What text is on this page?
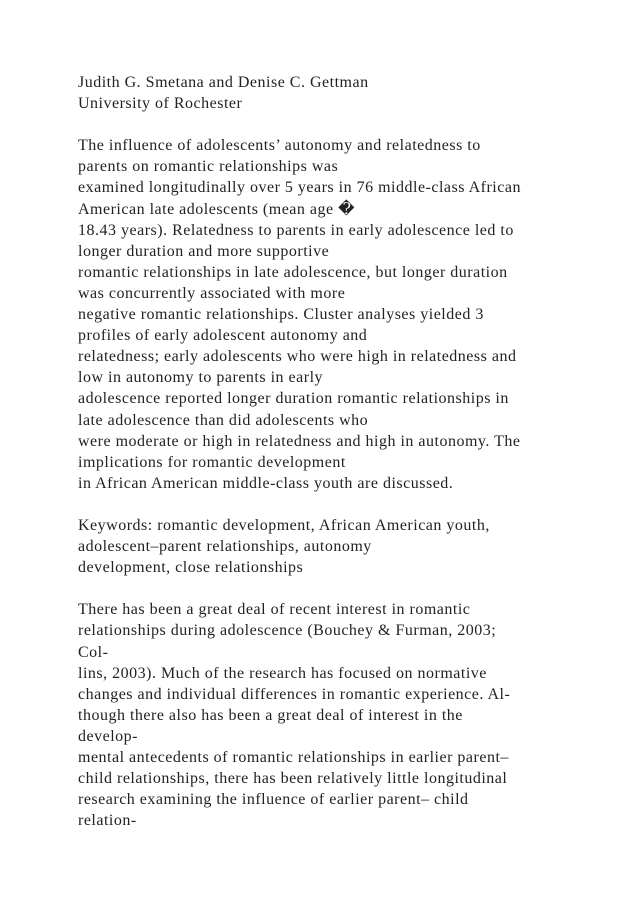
Judith G. Smetana and Denise C. Gettman
University of Rochester
The influence of adolescents’ autonomy and relatedness to
parents on romantic relationships was
examined longitudinally over 5 years in 76 middle-class African
American late adolescents (mean age �
18.43 years). Relatedness to parents in early adolescence led to
longer duration and more supportive
romantic relationships in late adolescence, but longer duration
was concurrently associated with more
negative romantic relationships. Cluster analyses yielded 3
profiles of early adolescent autonomy and
relatedness; early adolescents who were high in relatedness and
low in autonomy to parents in early
adolescence reported longer duration romantic relationships in
late adolescence than did adolescents who
were moderate or high in relatedness and high in autonomy. The
implications for romantic development
in African American middle-class youth are discussed.
Keywords: romantic development, African American youth,
adolescent–parent relationships, autonomy
development, close relationships
There has been a great deal of recent interest in romantic
relationships during adolescence (Bouchey & Furman, 2003;
Col-
lins, 2003). Much of the research has focused on normative
changes and individual differences in romantic experience. Al-
though there also has been a great deal of interest in the
develop-
mental antecedents of romantic relationships in earlier parent–
child relationships, there has been relatively little longitudinal
research examining the influence of earlier parent– child
relation-
